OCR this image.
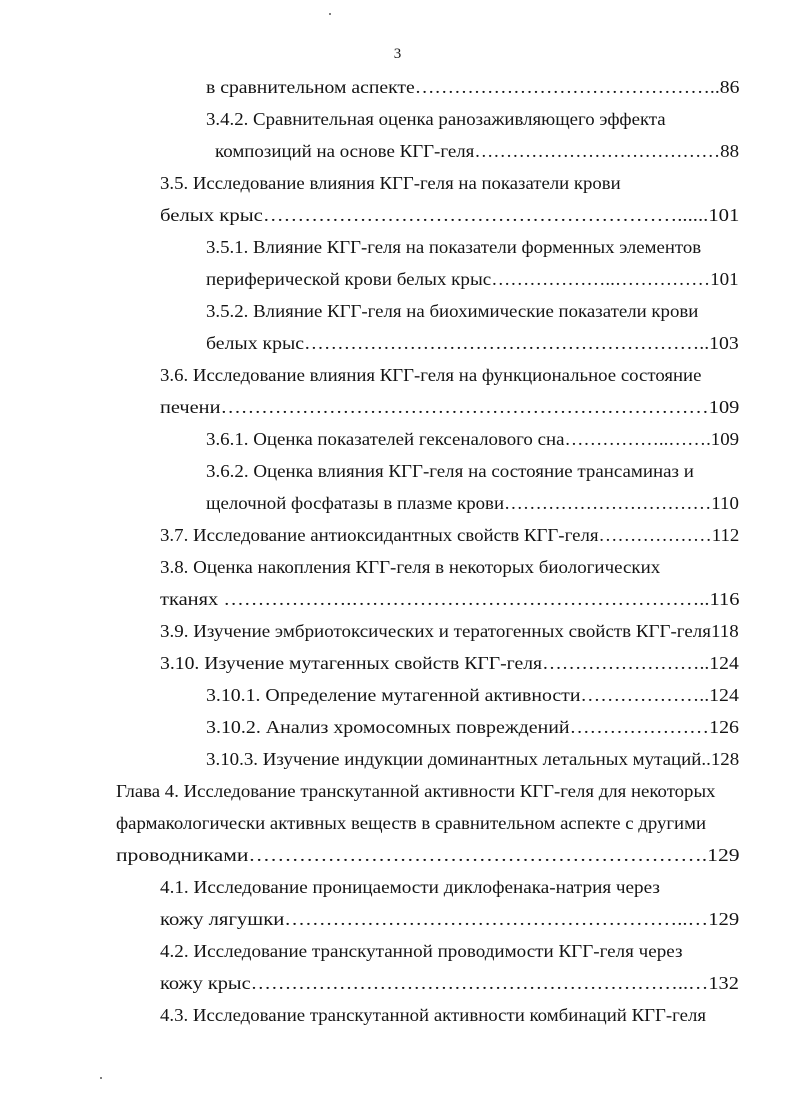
3
в сравнительном аспекте………………………………………..86
3.4.2. Сравнительная оценка ранозаживляющего эффекта
композиций на основе КГГ-геля…………………………………88
3.5. Исследование влияния КГГ-геля на показатели крови
белых крыс……………………………………………………......101
3.5.1. Влияние КГГ-геля на показатели форменных элементов
периферической крови белых крыс………………..……………101
3.5.2. Влияние КГГ-геля на биохимические показатели крови
белых крыс……………………………………………………..103
3.6. Исследование влияния КГГ-геля на функциональное состояние
печени………………………………………………………………109
3.6.1. Оценка показателей гексеналового сна……………..…….109
3.6.2. Оценка влияния КГГ-геля на состояние трансаминаз и
щелочной фосфатазы в плазме крови……………………………110
3.7. Исследование антиоксидантных свойств КГГ-геля………………112
3.8. Оценка накопления КГГ-геля в некоторых биологических
тканях ……………….……………………………………………..116
3.9. Изучение эмбриотоксических и тератогенных свойств КГГ-геля118
3.10. Изучение мутагенных свойств КГГ-геля……………………..124
3.10.1. Определение мутагенной активности………………..124
3.10.2. Анализ хромосомных повреждений…………………126
3.10.3. Изучение индукции доминантных летальных мутаций..128
Глава 4. Исследование транскутанной активности КГГ-геля для некоторых
фармакологически активных веществ в сравнительном аспекте с другими
проводниками……………………………………………………….129
4.1. Исследование проницаемости диклофенака-натрия через
кожу лягушки…………………………………………………..…129
4.2. Исследование транскутанной проводимости КГГ-геля через
кожу крыс………………………………………………………..…132
4.3. Исследование транскутанной активности комбинаций КГГ-геля
